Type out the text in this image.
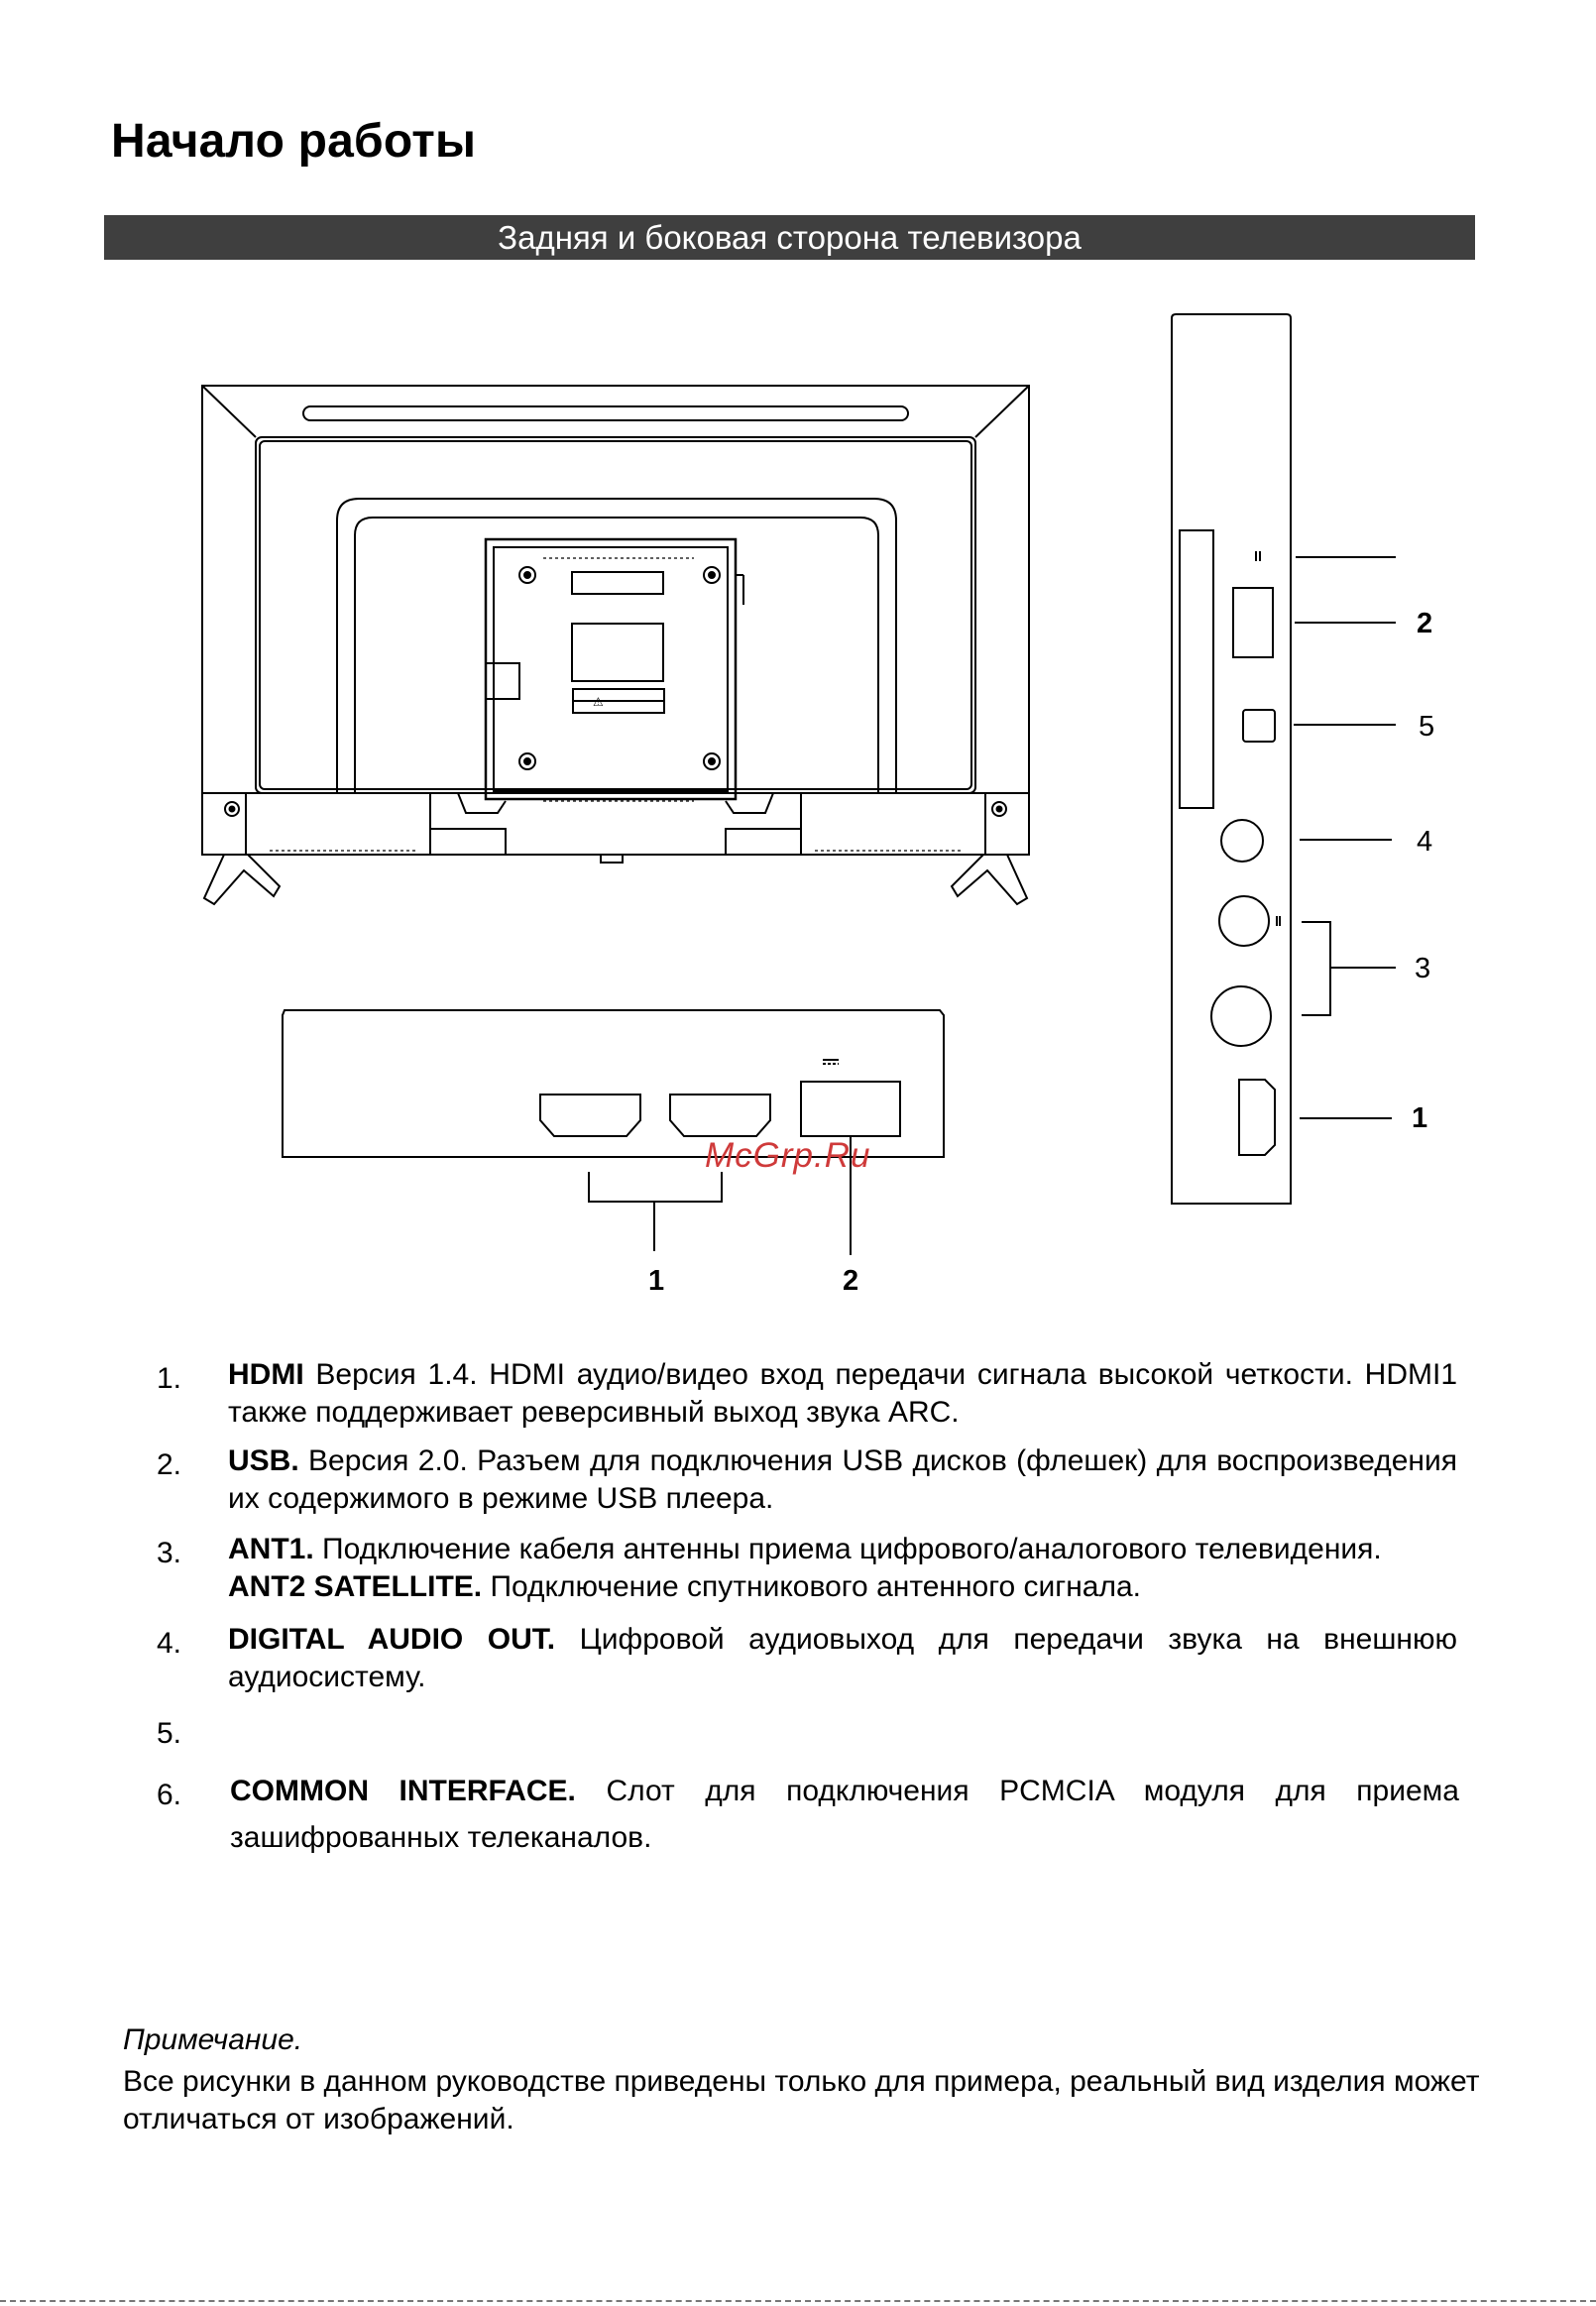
Начало работы
Задняя и боковая сторона телевизора
⚠
1	2
2
5
4
3
1
McGrp.Ru
1. HDMI Версия 1.4. HDMI аудио/видео вход передачи сигнала высокой четкости. HDMI1 также поддерживает реверсивный выход звука ARC.
2. USB. Версия 2.0. Разъем для подключения USB дисков (флешек) для воспроизведения их содержимого в режиме USB плеера.
3. ANT1. Подключение кабеля антенны приема цифрового/аналогового телевидения.
ANT2 SATELLITE. Подключение спутникового антенного сигнала.
4. DIGITAL AUDIO OUT. Цифровой аудиовыход для передачи звука на внешнюю аудиосистему.
5.
6. COMMON INTERFACE. Слот для подключения PCMCIA модуля для приема зашифрованных телеканалов.
Примечание.
Все рисунки в данном руководстве приведены только для примера, реальный вид изделия может отличаться от изображений.
